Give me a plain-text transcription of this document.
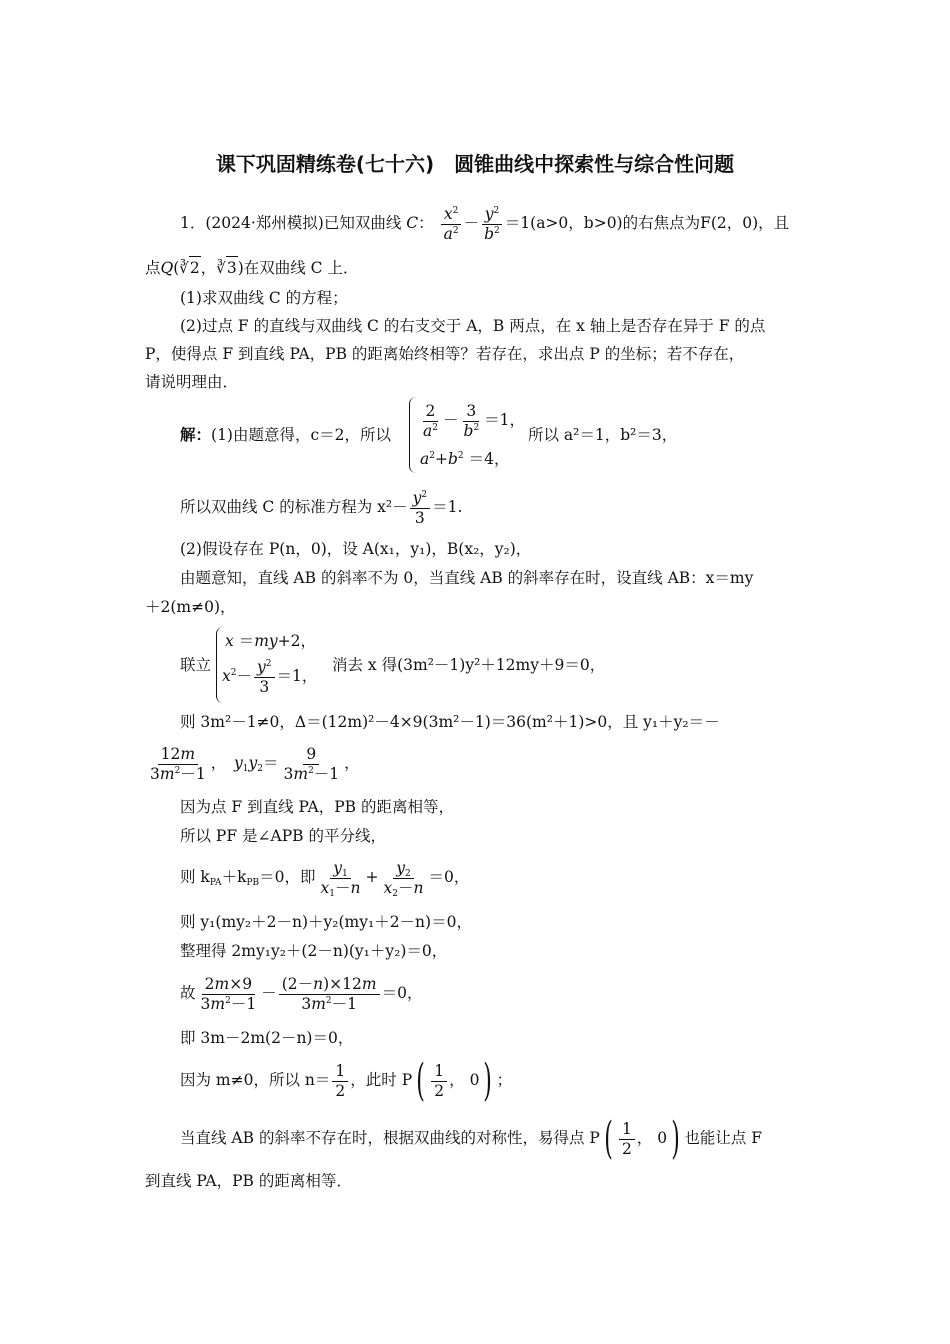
课下巩固精练卷(七十六)　圆锥曲线中探索性与综合性问题
1．(2024·郑州模拟)已知双曲线 C： $\frac{x^2}{a^2} - \frac{y^2}{b^2} =1(a>0$，b>0)的右焦点为F(2，0)，且
点Q(∛2，∛3)在双曲线 C 上．
(1)求双曲线 C 的方程；
(2)过点 F 的直线与双曲线 C 的右支交于 A，B 两点，在 x 轴上是否存在异于 F 的点
P，使得点 F 到直线 PA，PB 的距离始终相等？若存在，求出点 P 的坐标；若不存在，
请说明理由．
解：(1)由题意得，c＝2，所以 $\frac{2}{a^2} - \frac{3}{b^2} =1$，
$a^2+b^2 =4$，
所以 a²＝1，b²＝3，
所以双曲线 C 的标准方程为 $x^2- \frac{y^2}{3} =1$.
(2)假设存在 P(n，0)，设 A(x₁，y₁)，B(x₂，y₂)，
由题意知，直线 AB 的斜率不为 0，当直线 AB 的斜率存在时，设直线 AB：x＝my
＋2(m≠0)，
联立
x ＝my+2，
$x^2- \frac{y^2}{3} =1$，
消去 x 得(3m²－1)y²＋12my＋9＝0，
则 3m²－1≠0，Δ＝(12m)²－4×9(3m²－1)＝36(m²＋1)>0，且 y₁＋y₂＝－
$\frac{12m}{3m^2-1}$ ，　 $y_1y_2= \frac{9}{3m^2-1}$ ，
因为点 F 到直线 PA，PB 的距离相等，
所以 PF 是∠APB 的平分线，
则 $k_{PA}+k_{PB}=0$，即 $\frac{y_1}{x_1-n} + \frac{y_2}{x_2-n} =0$，
则 y₁(my₂＋2－n)＋y₂(my₁＋2－n)＝0，
整理得 2my₁y₂＋(2－n)(y₁＋y₂)＝0，
故 $\frac{2m\times 9}{3m^2-1} - \frac{(2-n)\times 12m}{3m^2-1} =0$，
即 3m－2m(2－n)＝0，
因为 m≠0，所以 $n= \frac{1}{2}$ ，此时 $P( \frac{1}{2}$ ， 0) ；
当直线 AB 的斜率不存在时，根据双曲线的对称性，易得点 $P( \frac{1}{2}$ ， 0) 也能让点 F
到直线 PA，PB 的距离相等．
